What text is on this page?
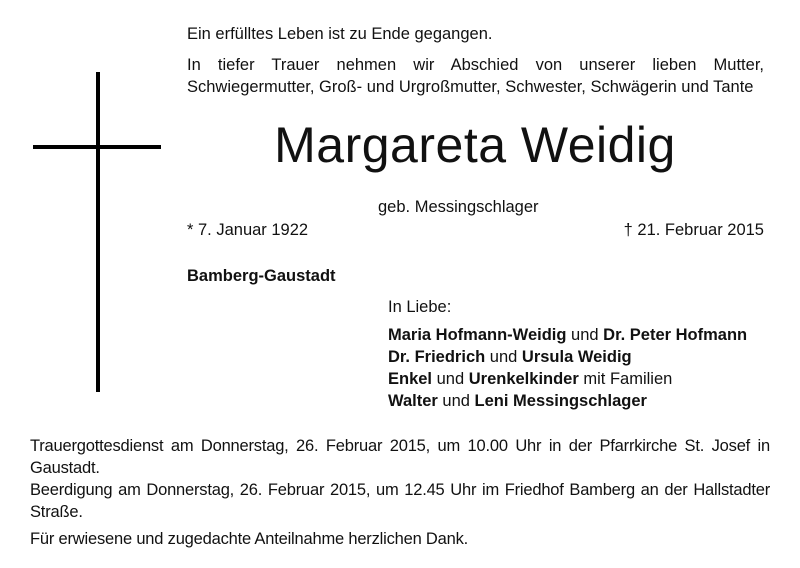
Ein erfülltes Leben ist zu Ende gegangen.
In tiefer Trauer nehmen wir Abschied von unserer lieben Mutter, Schwiegermutter, Groß- und Urgroßmutter, Schwester, Schwägerin und Tante
Margareta Weidig
geb. Messingschlager
* 7. Januar 1922	† 21. Februar 2015
Bamberg-Gaustadt
In Liebe:
Maria Hofmann-Weidig und Dr. Peter Hofmann
Dr. Friedrich und Ursula Weidig
Enkel und Urenkelkinder mit Familien
Walter und Leni Messingschlager
Trauergottesdienst am Donnerstag, 26. Februar 2015, um 10.00 Uhr in der Pfarrkirche St. Josef in Gaustadt.
Beerdigung am Donnerstag, 26. Februar 2015, um 12.45 Uhr im Friedhof Bamberg an der Hallstadter Straße.
Für erwiesene und zugedachte Anteilnahme herzlichen Dank.
